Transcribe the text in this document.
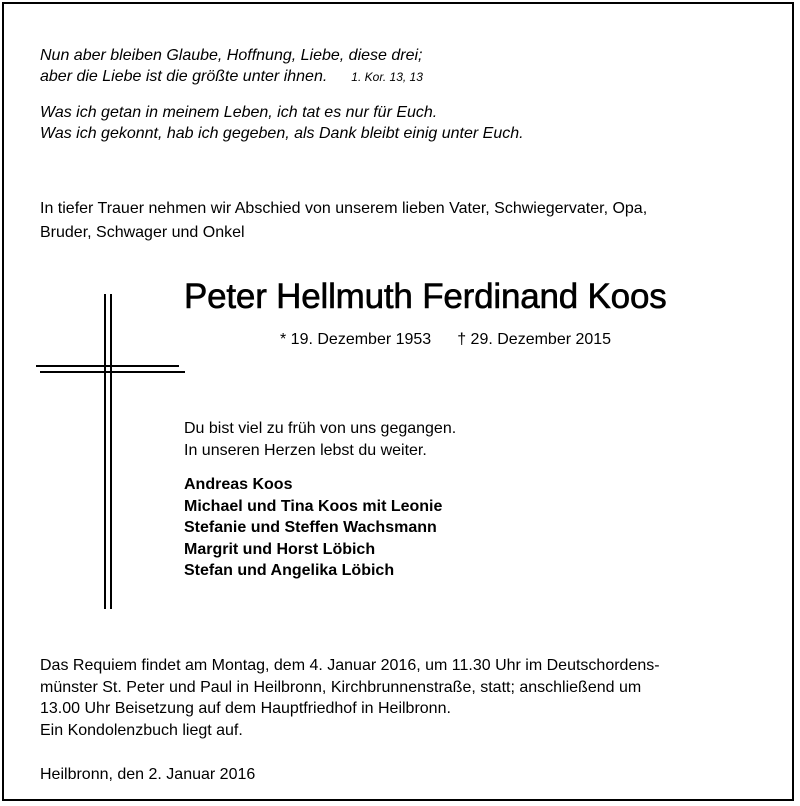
Nun aber bleiben Glaube, Hoffnung, Liebe, diese drei;
aber die Liebe ist die größte unter ihnen. 1. Kor. 13, 13
Was ich getan in meinem Leben, ich tat es nur für Euch.
Was ich gekonnt, hab ich gegeben, als Dank bleibt einig unter Euch.
In tiefer Trauer nehmen wir Abschied von unserem lieben Vater, Schwiegervater, Opa,
Bruder, Schwager und Onkel
Peter Hellmuth Ferdinand Koos
* 19. Dezember 1953 † 29. Dezember 2015
Du bist viel zu früh von uns gegangen.
In unseren Herzen lebst du weiter.
Andreas Koos
Michael und Tina Koos mit Leonie
Stefanie und Steffen Wachsmann
Margrit und Horst Löbich
Stefan und Angelika Löbich
Das Requiem findet am Montag, dem 4. Januar 2016, um 11.30 Uhr im Deutschordens-
münster St. Peter und Paul in Heilbronn, Kirchbrunnenstraße, statt; anschließend um
13.00 Uhr Beisetzung auf dem Hauptfriedhof in Heilbronn.
Ein Kondolenzbuch liegt auf.
Heilbronn, den 2. Januar 2016
